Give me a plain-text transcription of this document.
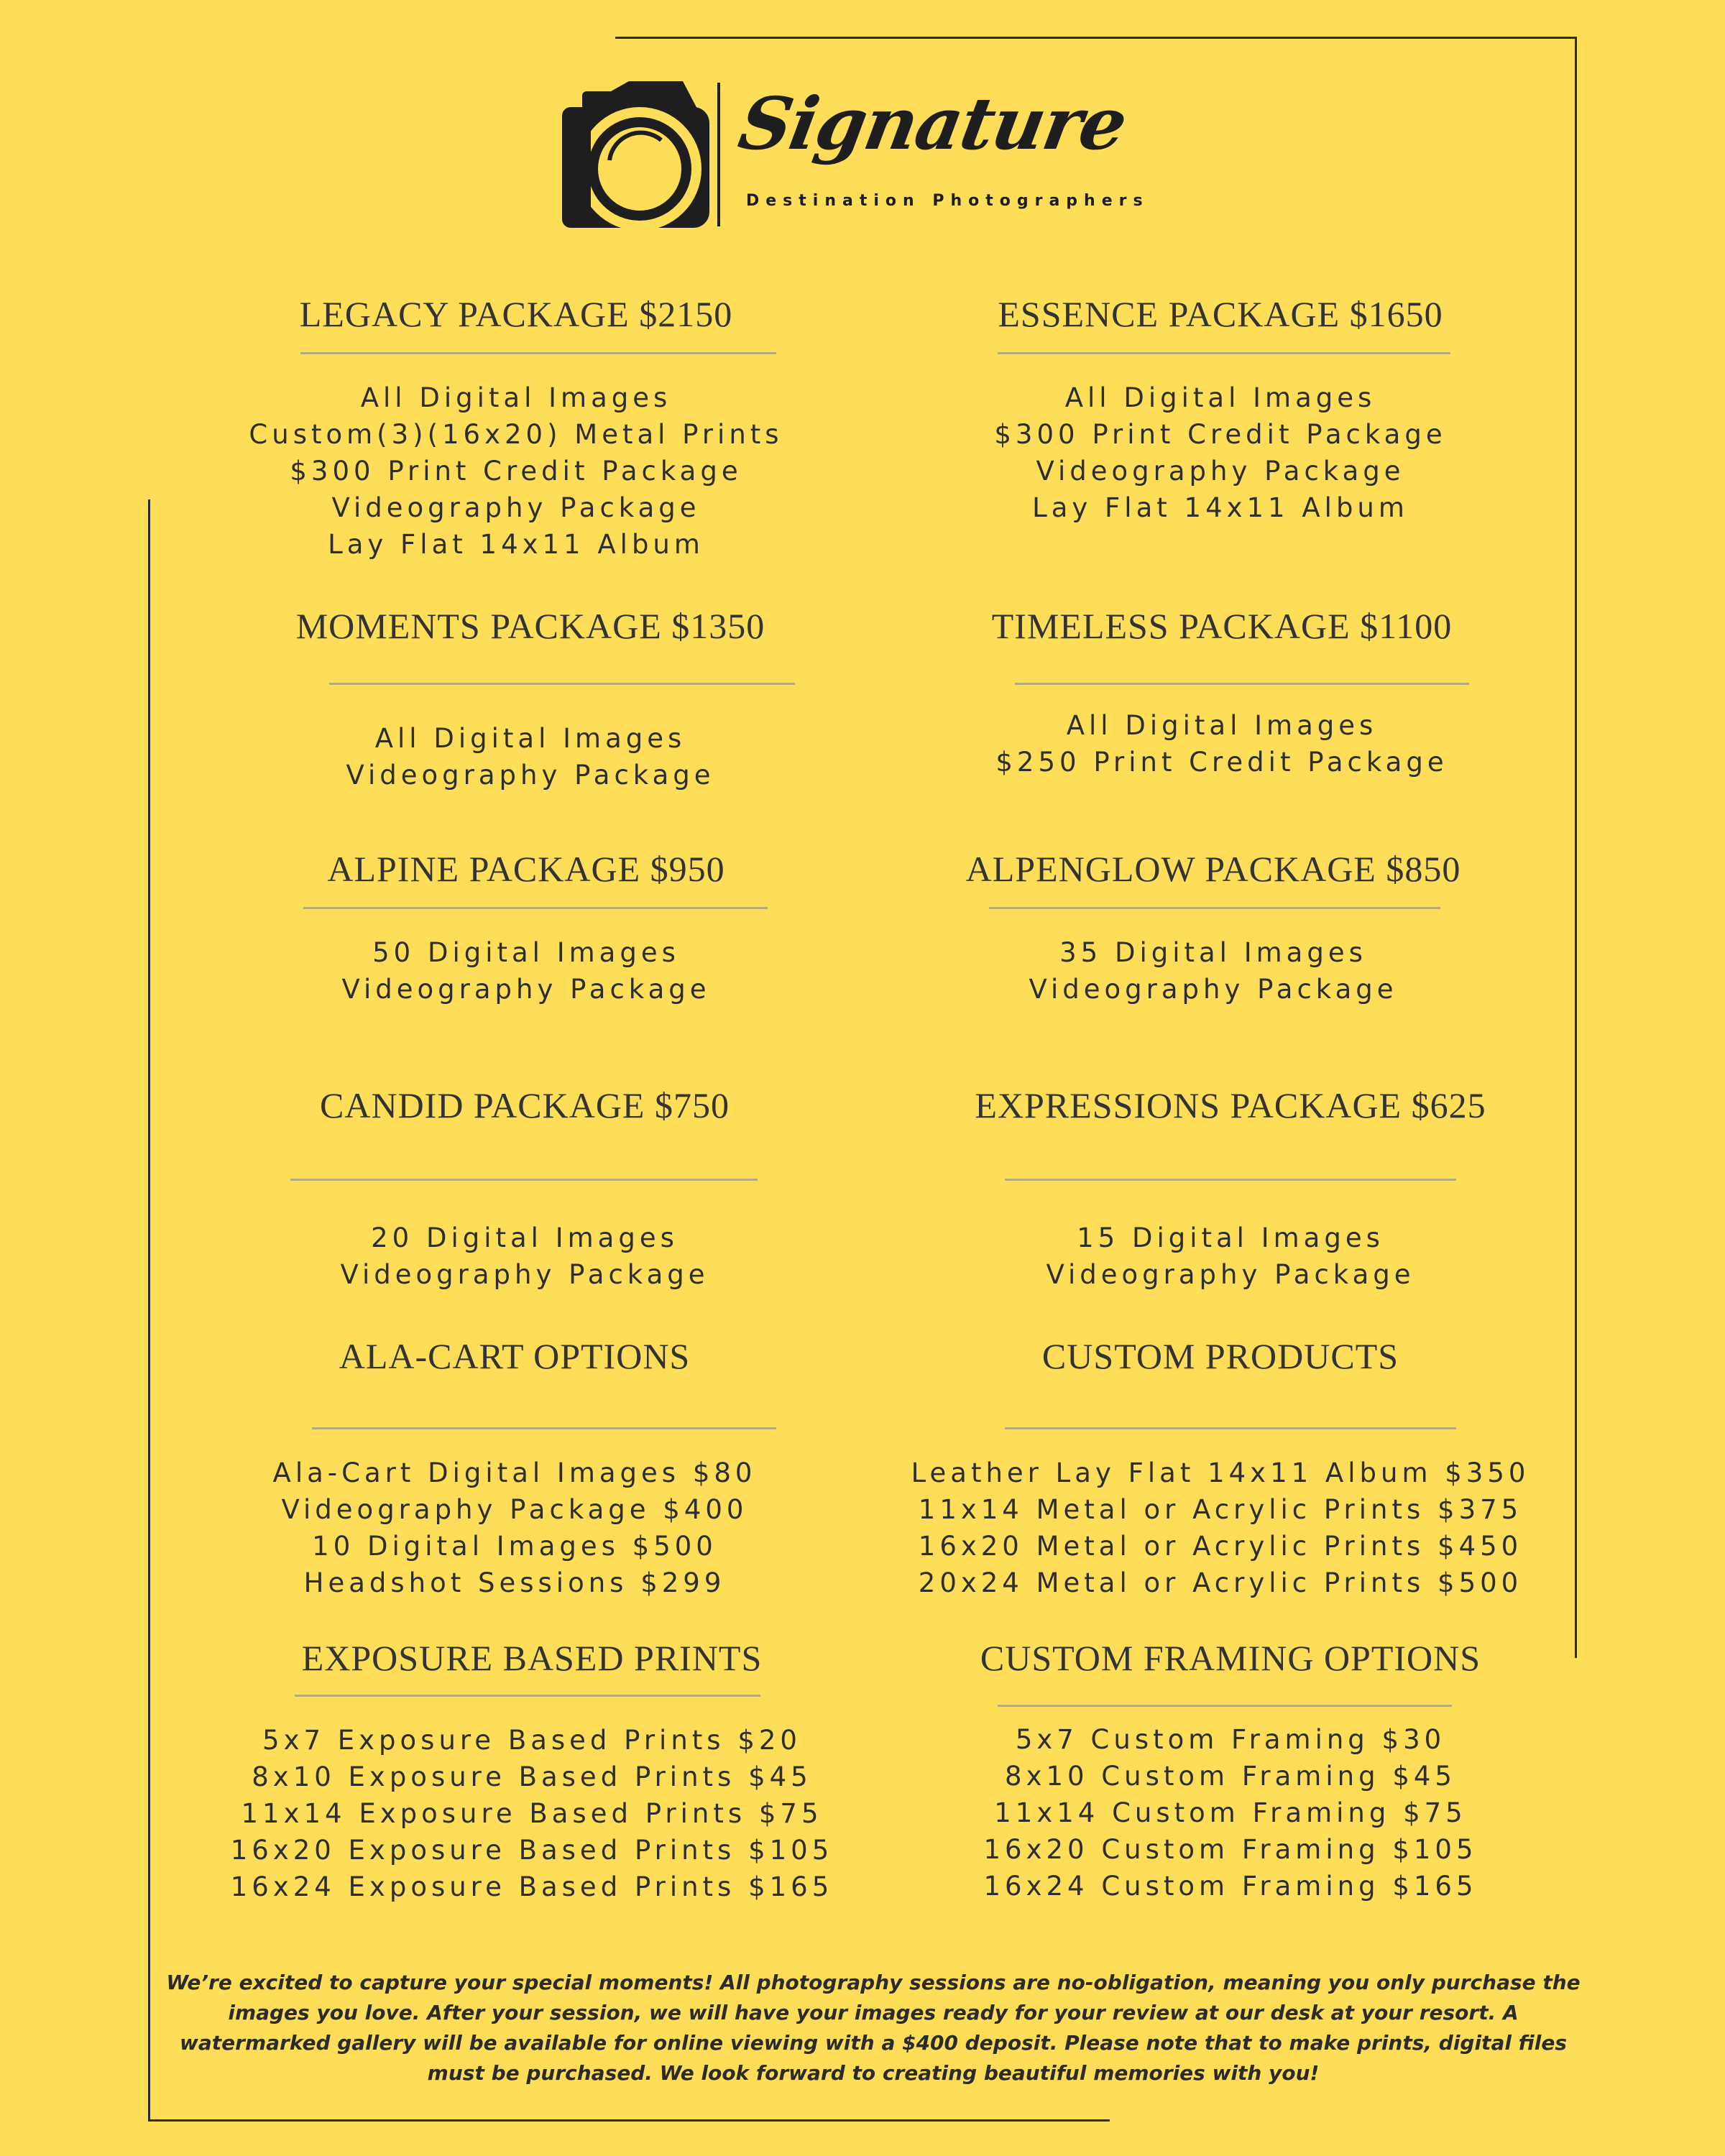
Signature
Destination Photographers
LEGACY PACKAGE $2150
All Digital Images
Custom(3)(16x20) Metal Prints
$300 Print Credit Package
Videography Package
Lay Flat 14x11 Album
ESSENCE PACKAGE $1650
All Digital Images
$300 Print Credit Package
Videography Package
Lay Flat 14x11 Album
MOMENTS PACKAGE $1350
All Digital Images
Videography Package
TIMELESS PACKAGE $1100
All Digital Images
$250 Print Credit Package
ALPINE PACKAGE $950
50 Digital Images
Videography Package
ALPENGLOW PACKAGE $850
35 Digital Images
Videography Package
CANDID PACKAGE $750
20 Digital Images
Videography Package
EXPRESSIONS PACKAGE $625
15 Digital Images
Videography Package
ALA-CART OPTIONS
Ala-Cart Digital Images $80
Videography Package $400
10 Digital Images $500
Headshot Sessions $299
CUSTOM PRODUCTS
Leather Lay Flat 14x11 Album $350
11x14 Metal or Acrylic Prints $375
16x20 Metal or Acrylic Prints $450
20x24 Metal or Acrylic Prints $500
EXPOSURE BASED PRINTS
5x7 Exposure Based Prints $20
8x10 Exposure Based Prints $45
11x14 Exposure Based Prints $75
16x20 Exposure Based Prints $105
16x24 Exposure Based Prints $165
CUSTOM FRAMING OPTIONS
5x7 Custom Framing $30
8x10 Custom Framing $45
11x14 Custom Framing $75
16x20 Custom Framing $105
16x24 Custom Framing $165
We’re excited to capture your special moments! All photography sessions are no-obligation, meaning you only purchase the images you love. After your session, we will have your images ready for your review at our desk at your resort. A watermarked gallery will be available for online viewing with a $400 deposit. Please note that to make prints, digital files must be purchased. We look forward to creating beautiful memories with you!
